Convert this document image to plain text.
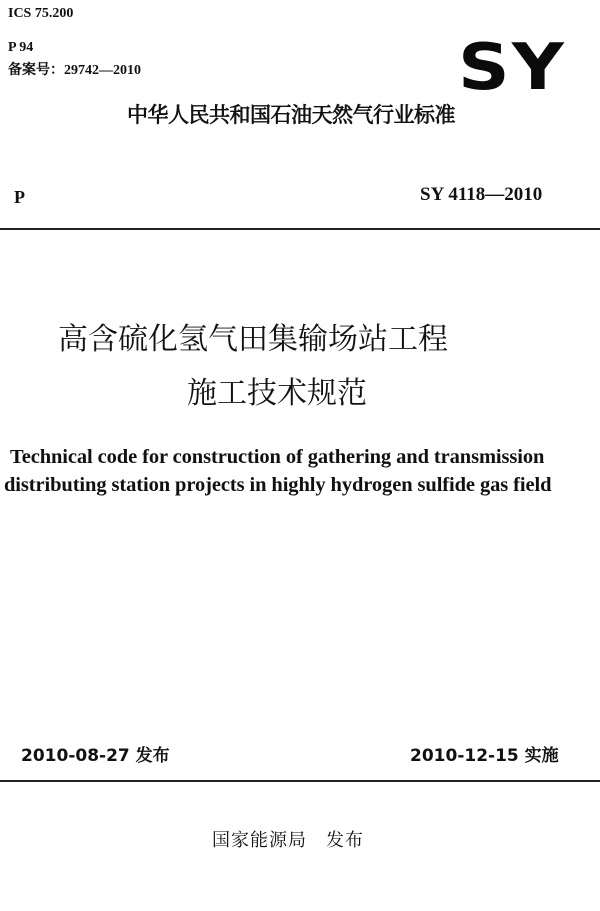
ICS 75.200
P 94
备案号：29742—2010	SY
中华人民共和国石油天然气行业标准
P	SY 4118—2010
高含硫化氢气田集输场站工程
施工技术规范
Technical code for construction of gathering and transmission
distributing station projects in highly hydrogen sulfide gas field
2010-08-27 发布	2010-12-15 实施
国家能源局　发布
